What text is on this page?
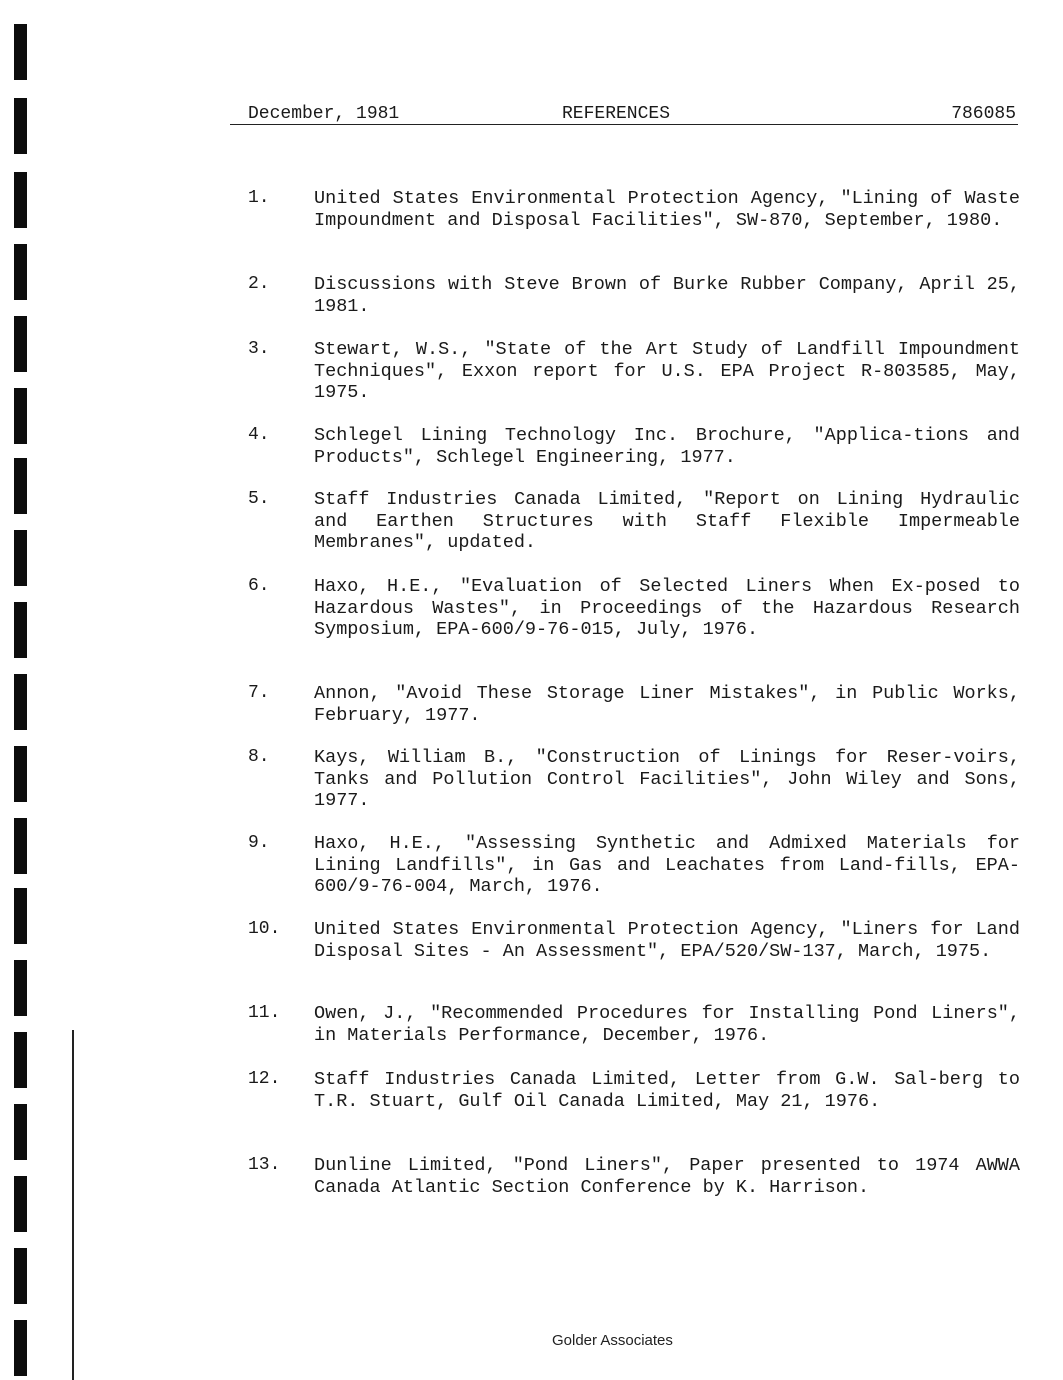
December, 1981	REFERENCES	786085
1. United States Environmental Protection Agency, "Lining of Waste Impoundment and Disposal Facilities", SW-870, September, 1980.
2. Discussions with Steve Brown of Burke Rubber Company, April 25, 1981.
3. Stewart, W.S., "State of the Art Study of Landfill Impoundment Techniques", Exxon report for U.S. EPA Project R-803585, May, 1975.
4. Schlegel Lining Technology Inc. Brochure, "Applica-tions and Products", Schlegel Engineering, 1977.
5. Staff Industries Canada Limited, "Report on Lining Hydraulic and Earthen Structures with Staff Flexible Impermeable Membranes", updated.
6. Haxo, H.E., "Evaluation of Selected Liners When Ex-posed to Hazardous Wastes", in Proceedings of the Hazardous Research Symposium, EPA-600/9-76-015, July, 1976.
7. Annon, "Avoid These Storage Liner Mistakes", in Public Works, February, 1977.
8. Kays, William B., "Construction of Linings for Reser-voirs, Tanks and Pollution Control Facilities", John Wiley and Sons, 1977.
9. Haxo, H.E., "Assessing Synthetic and Admixed Materials for Lining Landfills", in Gas and Leachates from Land-fills, EPA-600/9-76-004, March, 1976.
10. United States Environmental Protection Agency, "Liners for Land Disposal Sites - An Assessment", EPA/520/SW-137, March, 1975.
11. Owen, J., "Recommended Procedures for Installing Pond Liners", in Materials Performance, December, 1976.
12. Staff Industries Canada Limited, Letter from G.W. Sal-berg to T.R. Stuart, Gulf Oil Canada Limited, May 21, 1976.
13. Dunline Limited, "Pond Liners", Paper presented to 1974 AWWA Canada Atlantic Section Conference by K. Harrison.
Golder Associates
